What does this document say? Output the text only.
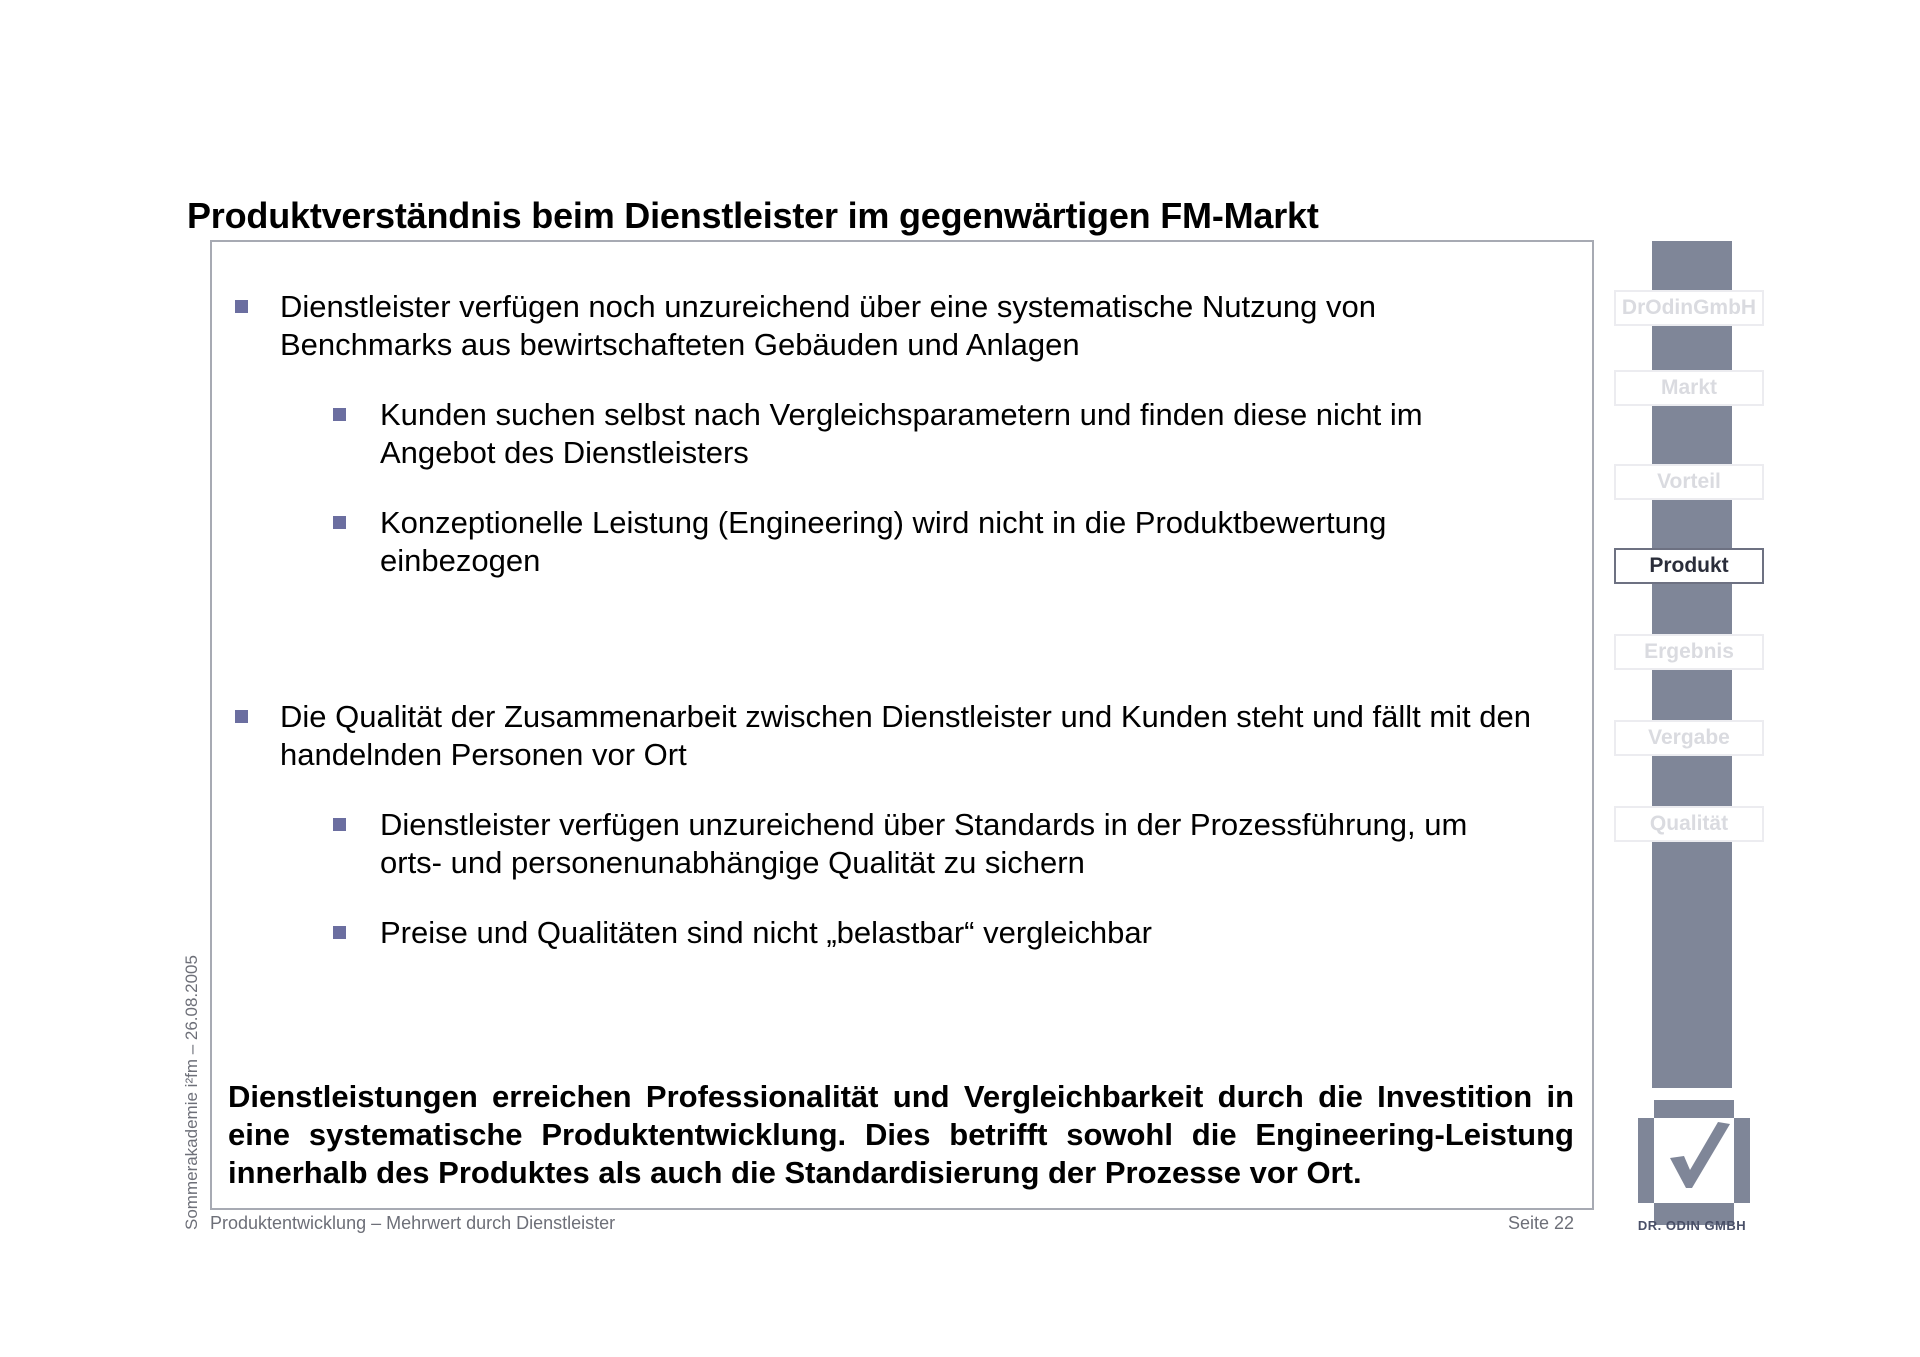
Produktverständnis beim Dienstleister im gegenwärtigen FM-Markt
Dienstleister verfügen noch unzureichend über eine systematische Nutzung von Benchmarks aus bewirtschafteten Gebäuden und Anlagen
Kunden suchen selbst nach Vergleichsparametern und finden diese nicht im Angebot des Dienstleisters
Konzeptionelle Leistung (Engineering) wird nicht in die Produktbewertung einbezogen
Die Qualität der Zusammenarbeit zwischen Dienstleister und Kunden steht und fällt mit den handelnden Personen vor Ort
Dienstleister verfügen unzureichend über Standards in der Prozessführung, um orts- und personenunabhängige Qualität zu sichern
Preise und Qualitäten sind nicht „belastbar“ vergleichbar
Dienstleistungen erreichen Professionalität und Vergleichbarkeit durch die Investition in eine systematische Produktentwicklung. Dies betrifft sowohl die Engineering-Leistung innerhalb des Produktes als auch die Standardisierung der Prozesse vor Ort.
Sommerakademie i²fm – 26.08.2005 Produktentwicklung – Mehrwert durch Dienstleister	Seite 22
DrOdinGmbH
Markt
Vorteil
Produkt
Ergebnis
Vergabe
Qualität
DR. ODIN GMBH
